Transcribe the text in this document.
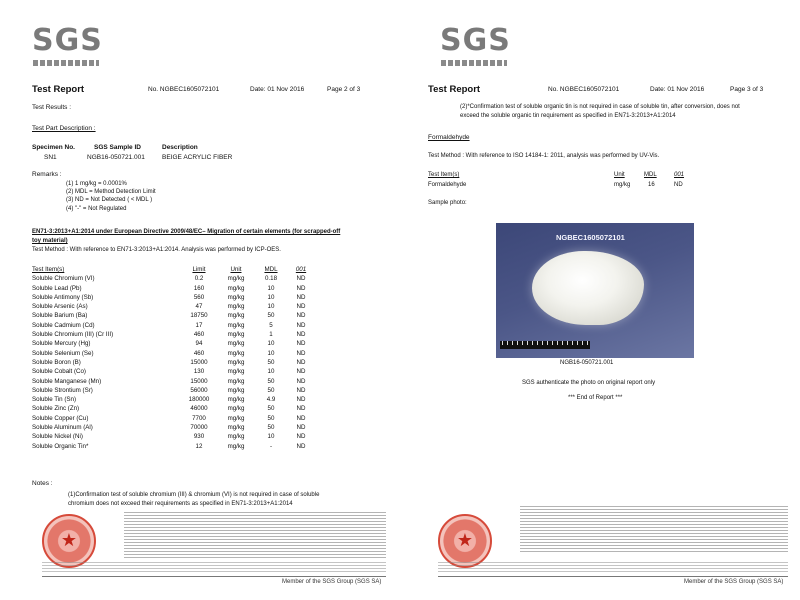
SGS
Test Report	No. NGBEC1605072101	Date: 01 Nov 2016	Page 2 of 3
Test Results :
Test Part Description :
Specimen No.	SGS Sample ID	Description
SN1	NGB16-050721.001	BEIGE ACRYLIC FIBER
Remarks :
(1) 1 mg/kg = 0.0001%
(2) MDL = Method Detection Limit
(3) ND = Not Detected ( < MDL )
(4) "-" = Not Regulated
EN71-3:2013+A1:2014 under European Directive 2009/48/EC– Migration of certain elements (for scrapped-off
toy material)
Test Method : With reference to EN71-3:2013+A1:2014. Analysis was performed by ICP-OES.
Test Item(s)	Limit	Unit	MDL	001
Soluble Chromium (VI)	0.2	mg/kg	0.18	ND
Soluble Lead (Pb)	160	mg/kg	10	ND
Soluble Antimony (Sb)	560	mg/kg	10	ND
Soluble Arsenic (As)	47	mg/kg	10	ND
Soluble Barium (Ba)	18750	mg/kg	50	ND
Soluble Cadmium (Cd)	17	mg/kg	5	ND
Soluble Chromium (III) (Cr III)	460	mg/kg	1	ND
Soluble Mercury (Hg)	94	mg/kg	10	ND
Soluble Selenium (Se)	460	mg/kg	10	ND
Soluble Boron (B)	15000	mg/kg	50	ND
Soluble Cobalt (Co)	130	mg/kg	10	ND
Soluble Manganese (Mn)	15000	mg/kg	50	ND
Soluble Strontium (Sr)	56000	mg/kg	50	ND
Soluble Tin (Sn)	180000	mg/kg	4.9	ND
Soluble Zinc (Zn)	46000	mg/kg	50	ND
Soluble Copper (Cu)	7700	mg/kg	50	ND
Soluble Aluminum (Al)	70000	mg/kg	50	ND
Soluble Nickel (Ni)	930	mg/kg	10	ND
Soluble Organic Tin*	12	mg/kg	-	ND
Notes :
(1)Confirmation test of soluble chromium (III) & chromium (VI) is not required in case of soluble
chromium does not exceed their requirements as specified in EN71-3:2013+A1:2014
★
Member of the SGS Group (SGS SA)
SGS
Test Report	No. NGBEC1605072101	Date: 01 Nov 2016	Page 3 of 3
(2)*Confirmation test of soluble organic tin is not required in case of soluble tin, after conversion, does not
exceed the soluble organic tin requirement as specified in EN71-3:2013+A1:2014
Formaldehyde
Test Method : With reference to ISO 14184-1: 2011, analysis was performed by UV-Vis.
Test Item(s)	Unit	MDL	001
Formaldehyde	mg/kg	16	ND
Sample photo:
NGBEC1605072101
NGB16-050721.001
SGS authenticate the photo on original report only
*** End of Report ***
★
Member of the SGS Group (SGS SA)
